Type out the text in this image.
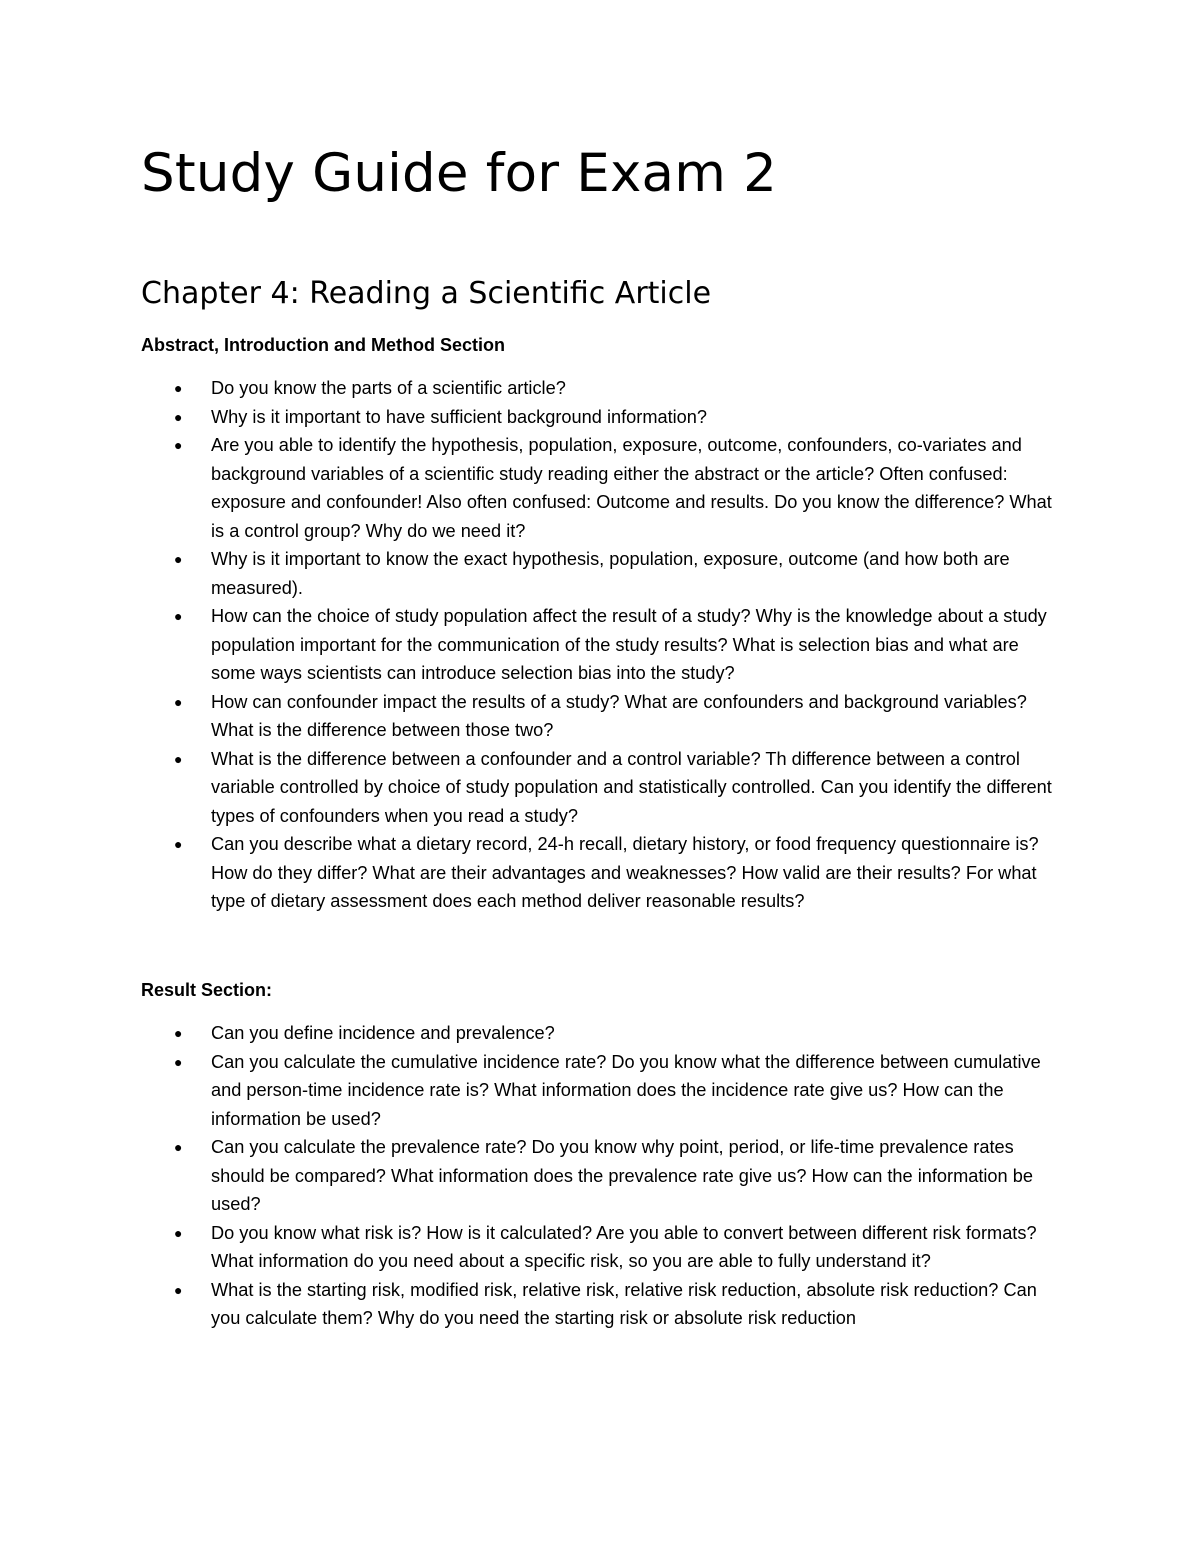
Study Guide for Exam 2
Chapter 4: Reading a Scientific Article
Abstract, Introduction and Method Section
● Do you know the parts of a scientific article?
● Why is it important to have sufficient background information?
● Are you able to identify the hypothesis, population, exposure, outcome, confounders, co-variates and background variables of a scientific study reading either the abstract or the article? Often confused: exposure and confounder! Also often confused: Outcome and results. Do you know the difference? What is a control group? Why do we need it?
● Why is it important to know the exact hypothesis, population, exposure, outcome (and how both are measured).
● How can the choice of study population affect the result of a study? Why is the knowledge about a study population important for the communication of the study results? What is selection bias and what are some ways scientists can introduce selection bias into the study?
● How can confounder impact the results of a study? What are confounders and background variables? What is the difference between those two?
● What is the difference between a confounder and a control variable? Th difference between a control variable controlled by choice of study population and statistically controlled. Can you identify the different types of confounders when you read a study?
● Can you describe what a dietary record, 24-h recall, dietary history, or food frequency questionnaire is? How do they differ? What are their advantages and weaknesses? How valid are their results? For what type of dietary assessment does each method deliver reasonable results?
Result Section:
● Can you define incidence and prevalence?
● Can you calculate the cumulative incidence rate? Do you know what the difference between cumulative and person-time incidence rate is? What information does the incidence rate give us? How can the information be used?
● Can you calculate the prevalence rate? Do you know why point, period, or life-time prevalence rates should be compared? What information does the prevalence rate give us? How can the information be used?
● Do you know what risk is? How is it calculated? Are you able to convert between different risk formats? What information do you need about a specific risk, so you are able to fully understand it?
● What is the starting risk, modified risk, relative risk, relative risk reduction, absolute risk reduction? Can you calculate them? Why do you need the starting risk or absolute risk reduction
